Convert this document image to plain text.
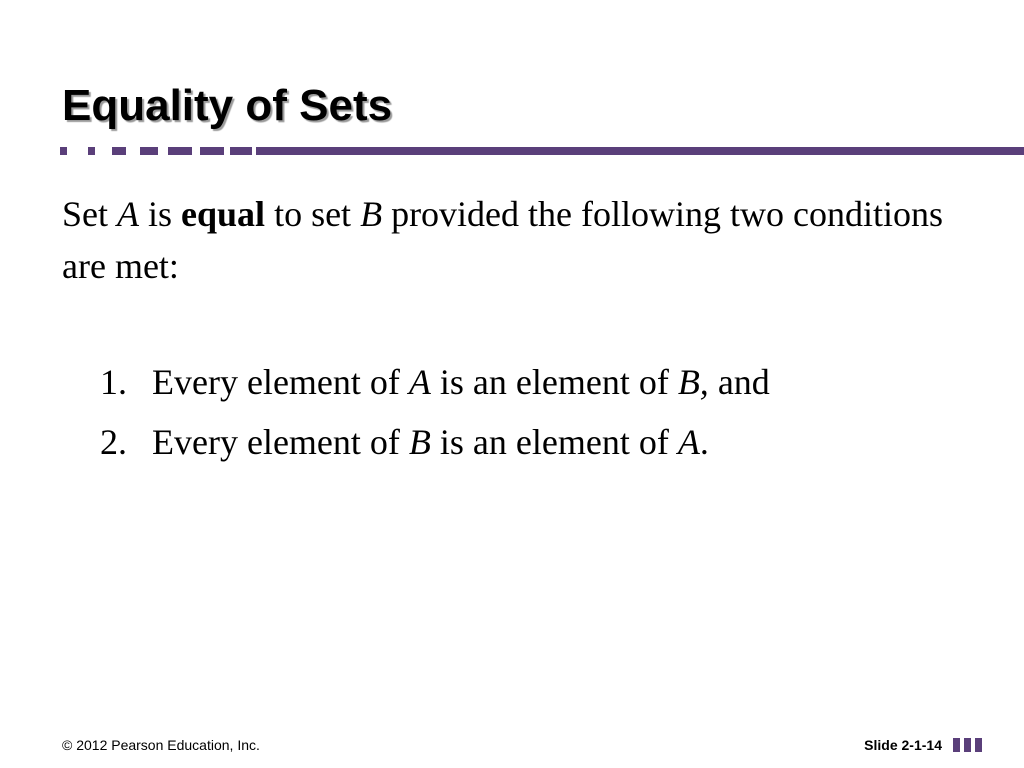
Equality of Sets

Set A is equal to set B provided the following two conditions are met:

1. Every element of A is an element of B, and
2. Every element of B is an element of A.
© 2012 Pearson Education, Inc.	Slide 2-1-14
